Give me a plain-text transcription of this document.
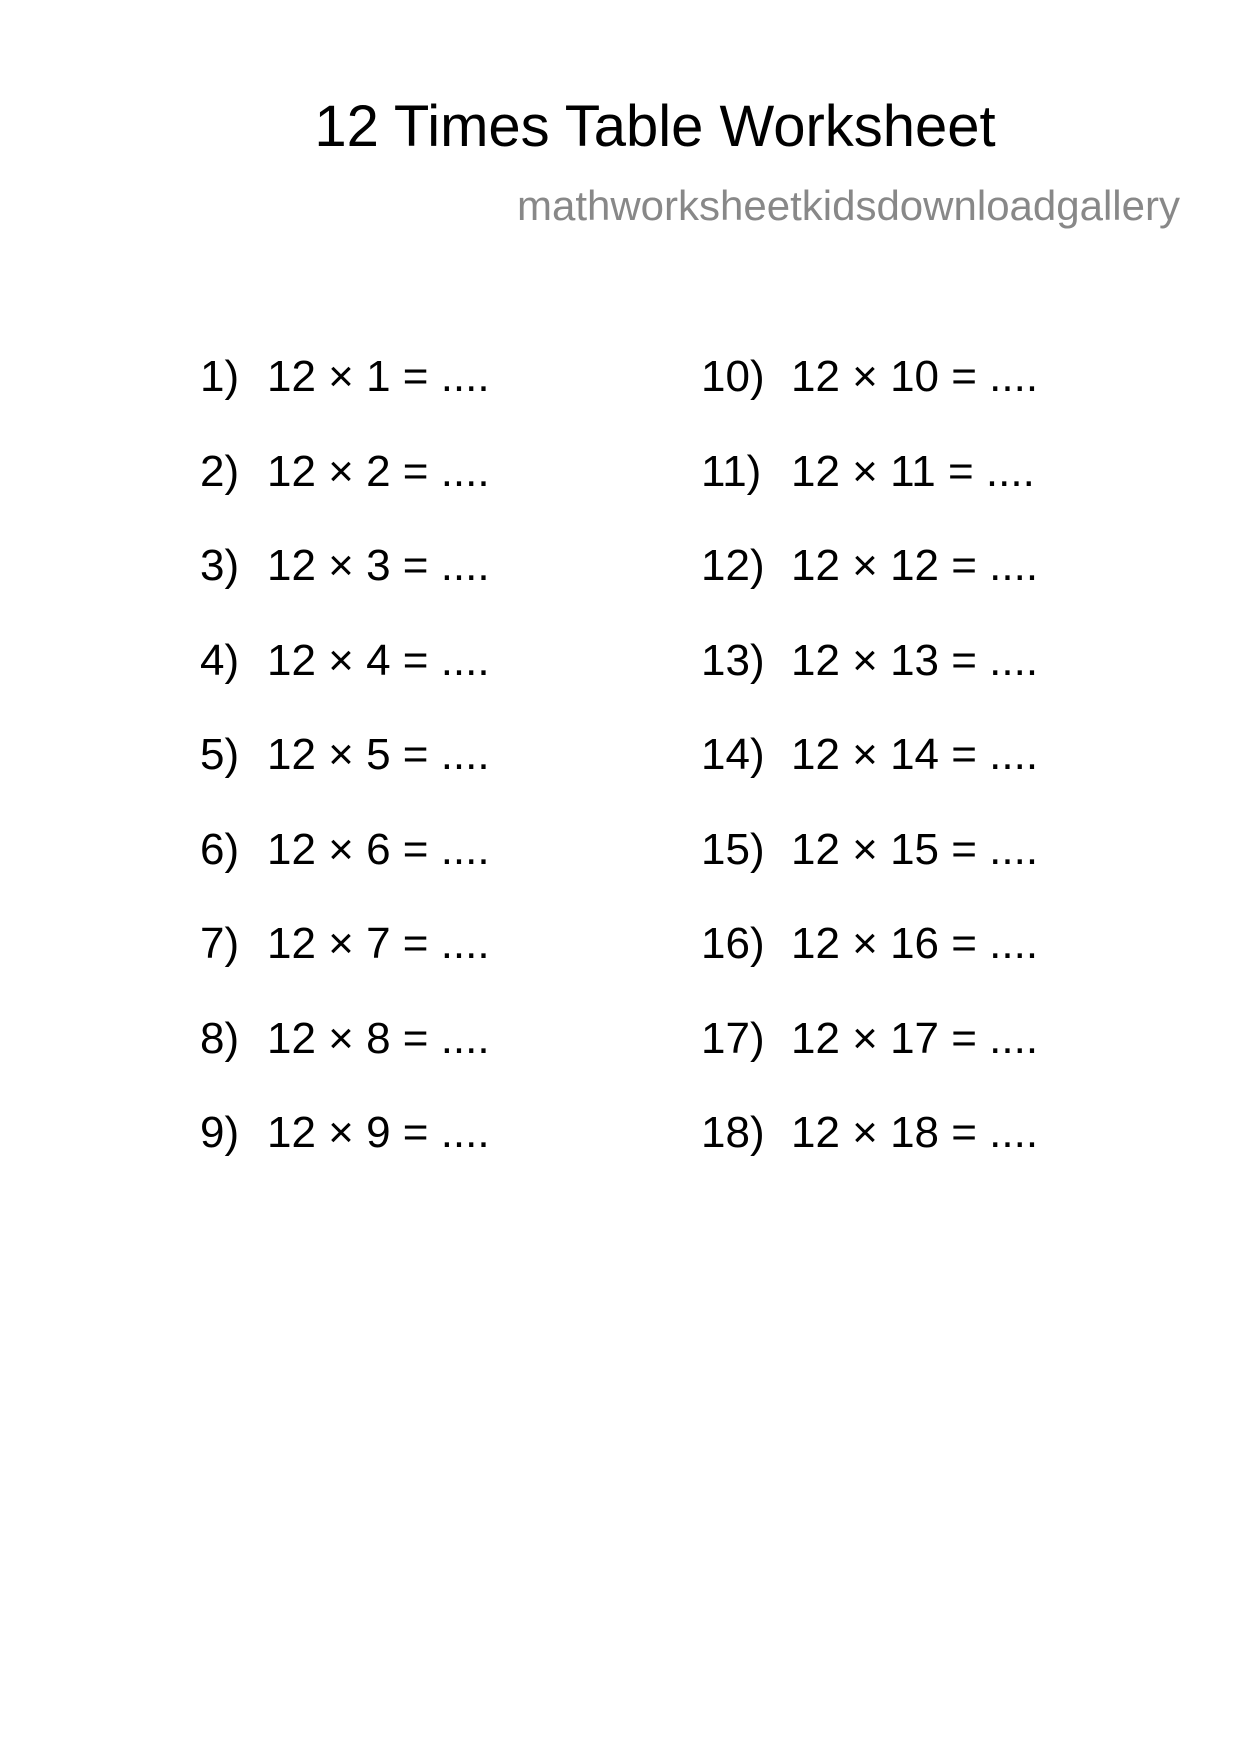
12 Times Table Worksheet
mathworksheetkidsdownloadgallery
1) 12 × 1 = ....
2) 12 × 2 = ....
3) 12 × 3 = ....
4) 12 × 4 = ....
5) 12 × 5 = ....
6) 12 × 6 = ....
7) 12 × 7 = ....
8) 12 × 8 = ....
9) 12 × 9 = ....
10) 12 × 10 = ....
11) 12 × 11 = ....
12) 12 × 12 = ....
13) 12 × 13 = ....
14) 12 × 14 = ....
15) 12 × 15 = ....
16) 12 × 16 = ....
17) 12 × 17 = ....
18) 12 × 18 = ....
